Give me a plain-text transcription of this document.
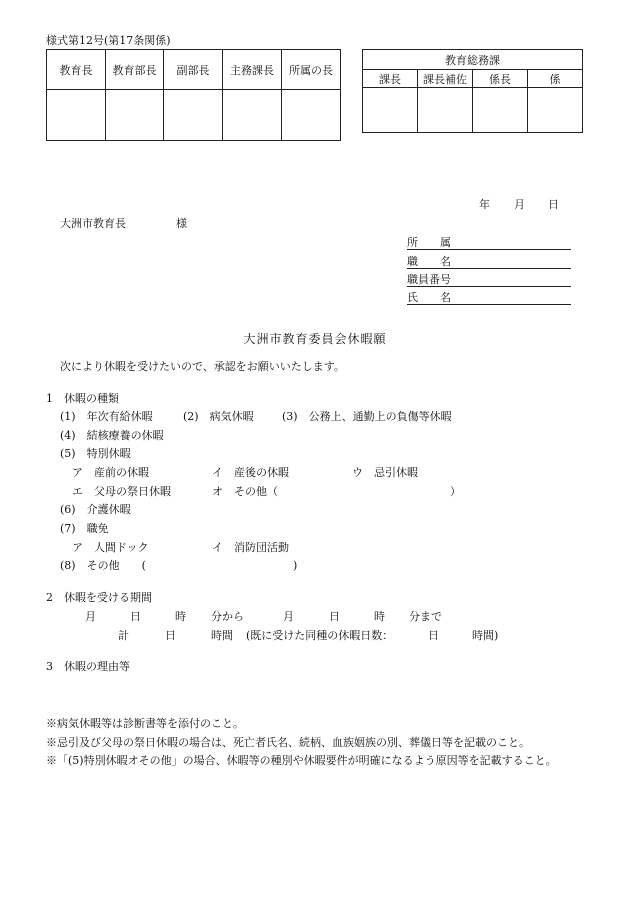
様式第12号(第17条関係)
教育長	教育部長	副部長	主務課長	所属の長

教育総務課			
課長	課長補佐	係長	係

年 月 日
大洲市教育長	様
所　　属
職　　名
職員番号
氏　　名
大洲市教育委員会休暇願
次により休暇を受けたいので、承認をお願いいたします。
1　休暇の種類
(1)　年次有給休暇	(2)　病気休暇	(3)　公務上、通勤上の負傷等休暇
(4)　結核療養の休暇
(5)　特別休暇
ア　産前の休暇	イ　産後の休暇	ウ　忌引休暇
エ　父母の祭日休暇	オ　その他（	）
(6)　介護休暇
(7)　職免
ア　人間ドック	イ　消防団活動
(8)　その他　　(	)
2　休暇を受ける期間
月	日	時 分から	月	日	時 分まで
計	日	時間 (既に受けた同種の休暇日数：	日	時間)
3　休暇の理由等
※病気休暇等は診断書等を添付のこと。
※忌引及び父母の祭日休暇の場合は、死亡者氏名、続柄、血族姻族の別、葬儀日等を記載のこと。
※「(5)特別休暇オその他」の場合、休暇等の種別や休暇要件が明確になるよう原因等を記載すること。
